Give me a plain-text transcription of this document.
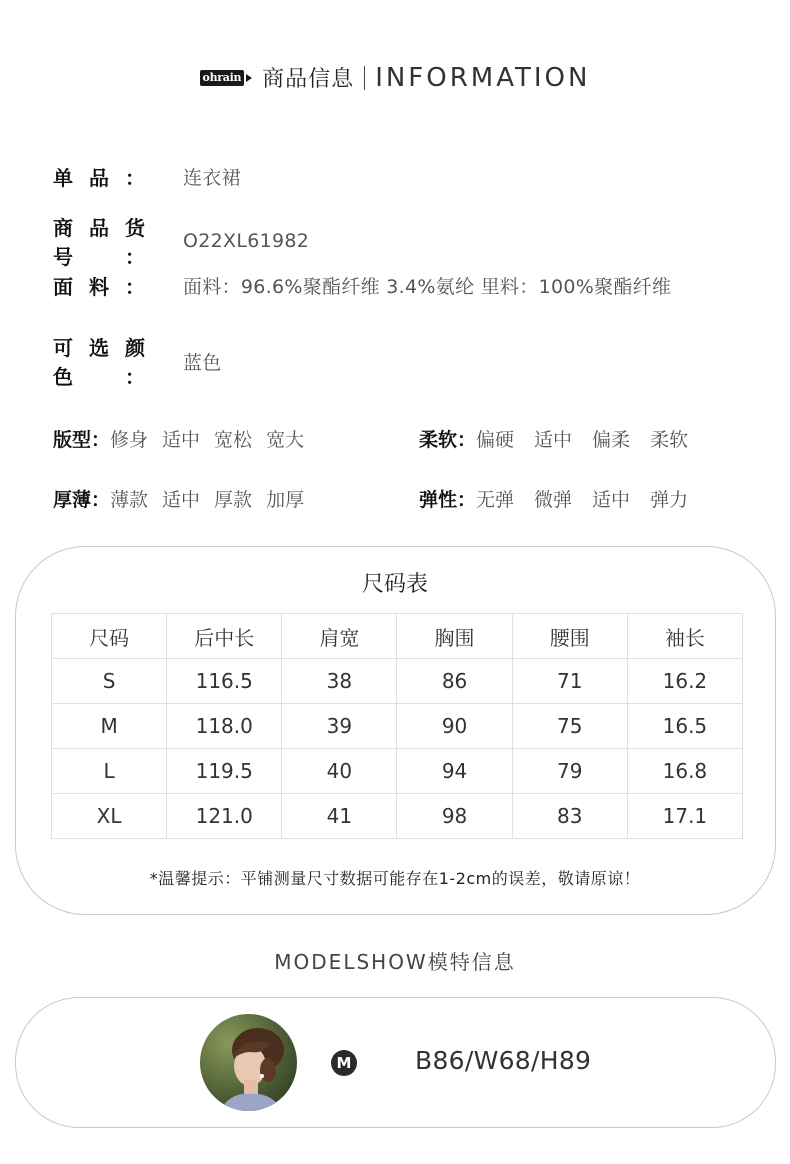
ohrain 商品信息 INFORMATION
单品：	连衣裙
商品货号：
O22XL61982
面料：	面料：96.6%聚酯纤维 3.4%氨纶 里料：100%聚酯纤维
可选颜色：
蓝色
版型： 修身 适中 宽松 宽大	柔软： 偏硬 适中 偏柔 柔软
厚薄： 薄款 适中 厚款 加厚	弹性： 无弹 微弹 适中 弹力
尺码表
尺码	后中长	肩宽	胸围	腰围	袖长
S	116.5	38	86	71	16.2
M	118.0	39	90	75	16.5
L	119.5	40	94	79	16.8
XL	121.0	41	98	83	17.1
*温馨提示：平铺测量尺寸数据可能存在1-2cm的误差，敬请原谅！
MODELSHOW模特信息
M	B86/W68/H89
